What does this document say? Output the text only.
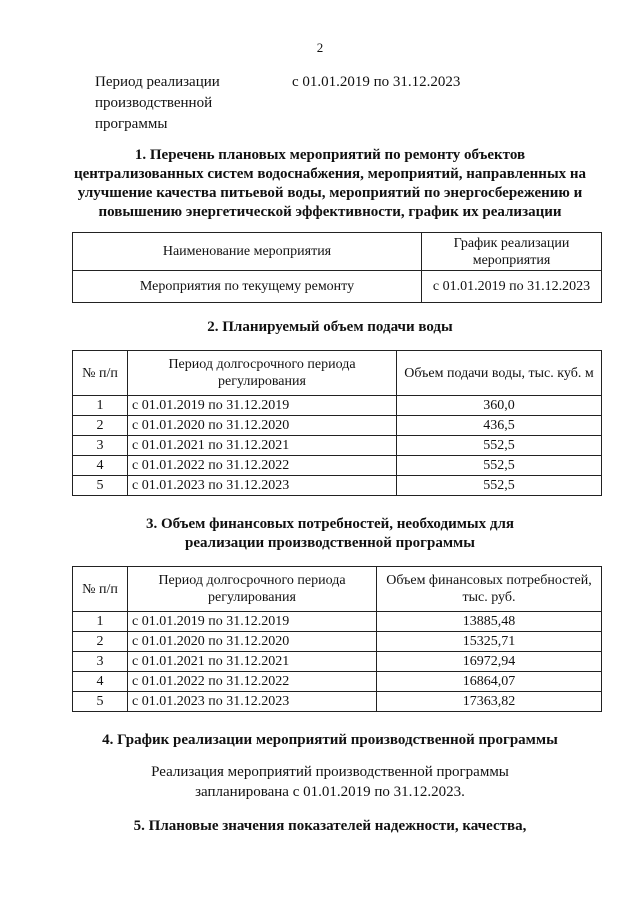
2
Период реализации
производственной
программы
с 01.01.2019 по 31.12.2023
1. Перечень плановых мероприятий по ремонту объектов
централизованных систем водоснабжения, мероприятий, направленных на
улучшение качества питьевой воды, мероприятий по энергосбережению и
повышению энергетической эффективности, график их реализации
Наименование мероприятия	График реализации мероприятия
Мероприятия по текущему ремонту	с 01.01.2019 по 31.12.2023
2. Планируемый объем подачи воды
№ п/п	Период долгосрочного периода регулирования	Объем подачи воды, тыс. куб. м
1	с 01.01.2019 по 31.12.2019	360,0
2	с 01.01.2020 по 31.12.2020	436,5
3	с 01.01.2021 по 31.12.2021	552,5
4	с 01.01.2022 по 31.12.2022	552,5
5	с 01.01.2023 по 31.12.2023	552,5
3. Объем финансовых потребностей, необходимых для
реализации производственной программы
№ п/п	Период долгосрочного периода регулирования	Объем финансовых потребностей, тыс. руб.
1	с 01.01.2019 по 31.12.2019	13885,48
2	с 01.01.2020 по 31.12.2020	15325,71
3	с 01.01.2021 по 31.12.2021	16972,94
4	с 01.01.2022 по 31.12.2022	16864,07
5	с 01.01.2023 по 31.12.2023	17363,82
4. График реализации мероприятий производственной программы
Реализация мероприятий производственной программы
запланирована с 01.01.2019 по 31.12.2023.
5. Плановые значения показателей надежности, качества,
